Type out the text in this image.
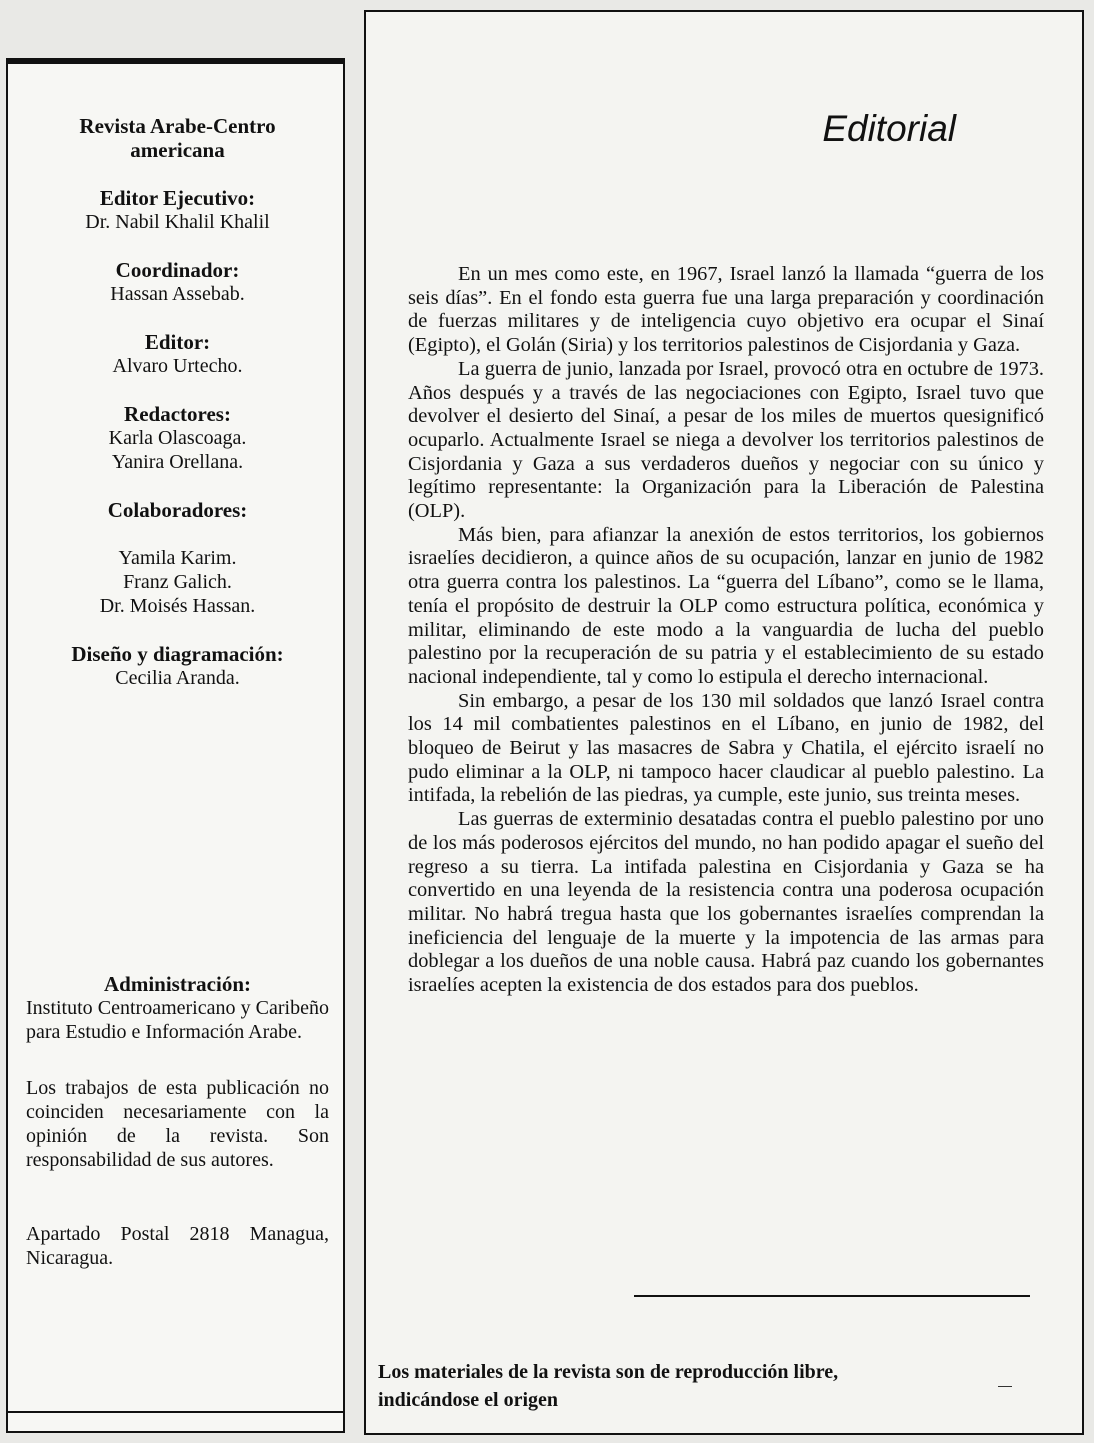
Revista Arabe-Centro
americana
Editor Ejecutivo:
Dr. Nabil Khalil Khalil
Coordinador:
Hassan Assebab.
Editor:
Alvaro Urtecho.
Redactores:
Karla Olascoaga.
Yanira Orellana.
Colaboradores:
Yamila Karim.
Franz Galich.
Dr. Moisés Hassan.
Diseño y diagramación:
Cecilia Aranda.
Administración:
Instituto Centroamericano y Caribeño para Estudio e Información Arabe.
Los trabajos de esta publicación no coinciden necesariamente con la opinión de la revista. Son responsabilidad de sus autores.
Apartado Postal 2818 Managua, Nicaragua.
Editorial

En un mes como este, en 1967, Israel lanzó la llamada “guerra de los seis días”. En el fondo esta guerra fue una larga preparación y coordinación de fuerzas militares y de inteligencia cuyo objetivo era ocupar el Sinaí (Egipto), el Golán (Siria) y los territorios palestinos de Cisjordania y Gaza.

La guerra de junio, lanzada por Israel, provocó otra en octubre de 1973. Años después y a través de las negociaciones con Egipto, Israel tuvo que devolver el desierto del Sinaí, a pesar de los miles de muertos quesignificó ocuparlo. Actualmente Israel se niega a devolver los territorios palestinos de Cisjordania y Gaza a sus verdaderos dueños y negociar con su único y legítimo representante: la Organización para la Liberación de Palestina (OLP).

Más bien, para afianzar la anexión de estos territorios, los gobiernos israelíes decidieron, a quince años de su ocupación, lanzar en junio de 1982 otra guerra contra los palestinos. La “guerra del Líbano”, como se le llama, tenía el propósito de destruir la OLP como estructura política, económica y militar, eliminando de este modo a la vanguardia de lucha del pueblo palestino por la recuperación de su patria y el establecimiento de su estado nacional independiente, tal y como lo estipula el derecho internacional.

Sin embargo, a pesar de los 130 mil soldados que lanzó Israel contra los 14 mil combatientes palestinos en el Líbano, en junio de 1982, del bloqueo de Beirut y las masacres de Sabra y Chatila, el ejército israelí no pudo eliminar a la OLP, ni tampoco hacer claudicar al pueblo palestino. La intifada, la rebelión de las piedras, ya cumple, este junio, sus treinta meses.

Las guerras de exterminio desatadas contra el pueblo palestino por uno de los más poderosos ejércitos del mundo, no han podido apagar el sueño del regreso a su tierra. La intifada palestina en Cisjordania y Gaza se ha convertido en una leyenda de la resistencia contra una poderosa ocupación militar. No habrá tregua hasta que los gobernantes israelíes comprendan la ineficiencia del lenguaje de la muerte y la impotencia de las armas para doblegar a los dueños de una noble causa. Habrá paz cuando los gobernantes israelíes acepten la existencia de dos estados para dos pueblos.

Los materiales de la revista son de reproducción libre,
indicándose el origen
